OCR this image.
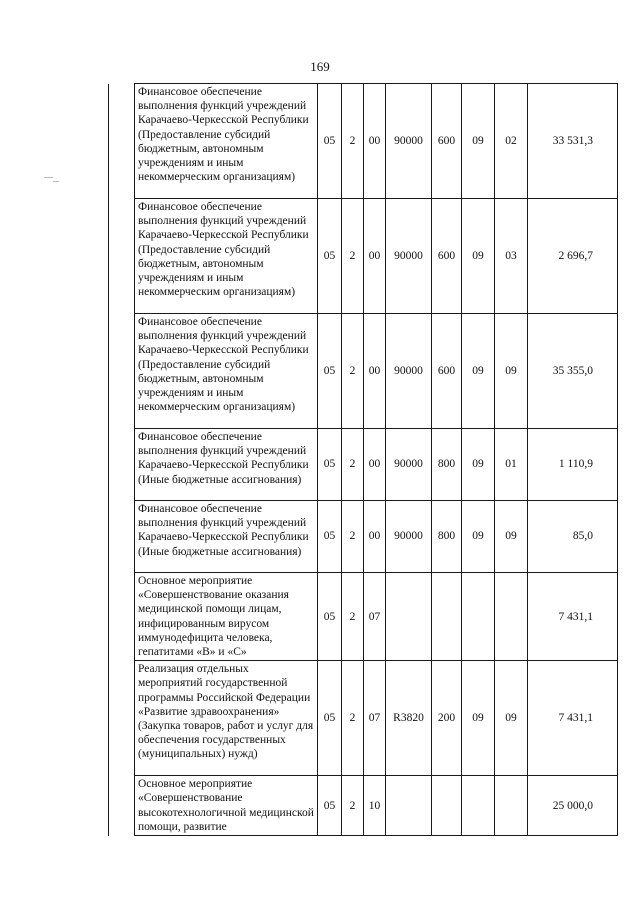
169
	Финансовое обеспечение выполнения функций учреждений Карачаево-Черкесской Республики (Предоставление субсидий бюджетным, автономным учреждениям и иным некоммерческим организациям)	05	2	00	90000	600	09	02	33 531,3
	Финансовое обеспечение выполнения функций учреждений Карачаево-Черкесской Республики (Предоставление субсидий бюджетным, автономным учреждениям и иным некоммерческим организациям)	05	2	00	90000	600	09	03	2 696,7
	Финансовое обеспечение выполнения функций учреждений Карачаево-Черкесской Республики (Предоставление субсидий бюджетным, автономным учреждениям и иным некоммерческим организациям)	05	2	00	90000	600	09	09	35 355,0
	Финансовое обеспечение выполнения функций учреждений Карачаево-Черкесской Республики (Иные бюджетные ассигнования)	05	2	00	90000	800	09	01	1 110,9
	Финансовое обеспечение выполнения функций учреждений Карачаево-Черкесской Республики (Иные бюджетные ассигнования)	05	2	00	90000	800	09	09	85,0
	Основное мероприятие «Совершенствование оказания медицинской помощи лицам, инфицированным вирусом иммунодефицита человека, гепатитами «В» и «С»	05	2	07					7 431,1
	Реализация отдельных мероприятий государственной программы Российской Федерации «Развитие здравоохранения» (Закупка товаров, работ и услуг для обеспечения государственных (муниципальных) нужд)	05	2	07	R3820	200	09	09	7 431,1
	Основное мероприятие «Совершенствование высокотехнологичной медицинской помощи, развитие	05	2	10					25 000,0
